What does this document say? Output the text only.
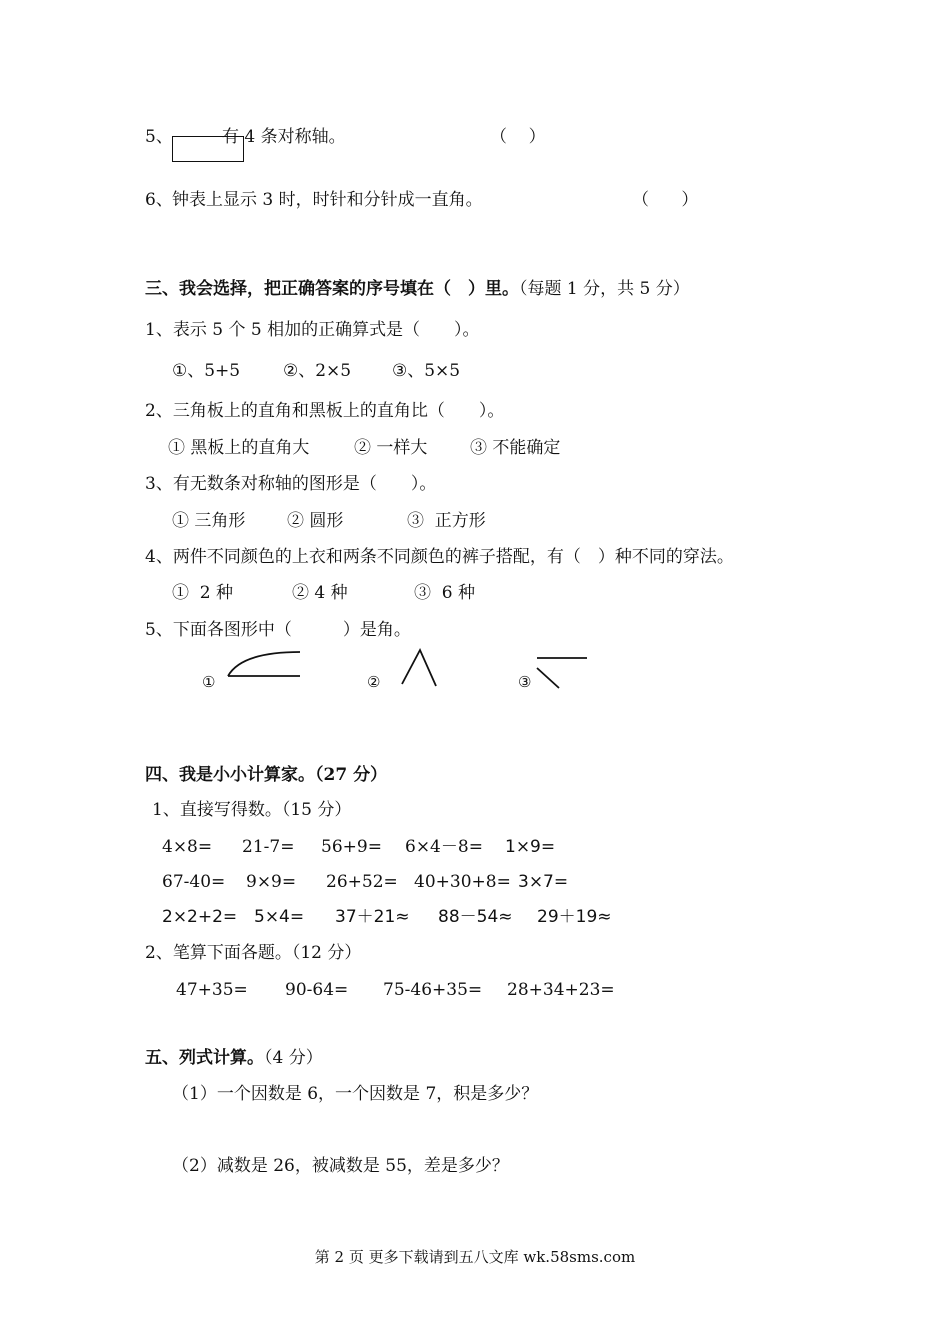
5、	有 4 条对称轴。	（    ）
6、 钟表上显示 3 时，时针和分针成一直角。	（      ）
三、我会选择，把正确答案的序号填在（　）里。（每题 1 分，共 5 分）
1、表示 5 个 5 相加的正确算式是（　　）。
①、5+5	②、2×5 ③、5×5
2、三角板上的直角和黑板上的直角比（　　）。
① 黑板上的直角大	② 一样大	③ 不能确定
3、有无数条对称轴的图形是（　　）。
① 三角形 ② 圆形	③  正方形
4、两件不同颜色的上衣和两条不同颜色的裤子搭配，有（　）种不同的穿法。
①  2 种	② 4 种	③  6 种
5、下面各图形中（　　　）是角。
①	②	③
四、我是小小计算家。（27 分）
1、直接写得数。（15 分）
4×8= 21-7= 56+9= 6×4－8= 1×9=
67-40= 9×9= 26+52= 40+30+8= 3×7=
2×2+2= 5×4= 37＋21≈ 88－54≈ 29＋19≈
2、笔算下面各题。（12 分）
47+35= 90-64= 75-46+35= 28+34+23=
五、列式计算。（4 分）
（1）一个因数是 6，一个因数是 7，积是多少？
（2）减数是 26，被减数是 55，差是多少？
第 2 页 更多下载请到五八文库 wk.58sms.com
